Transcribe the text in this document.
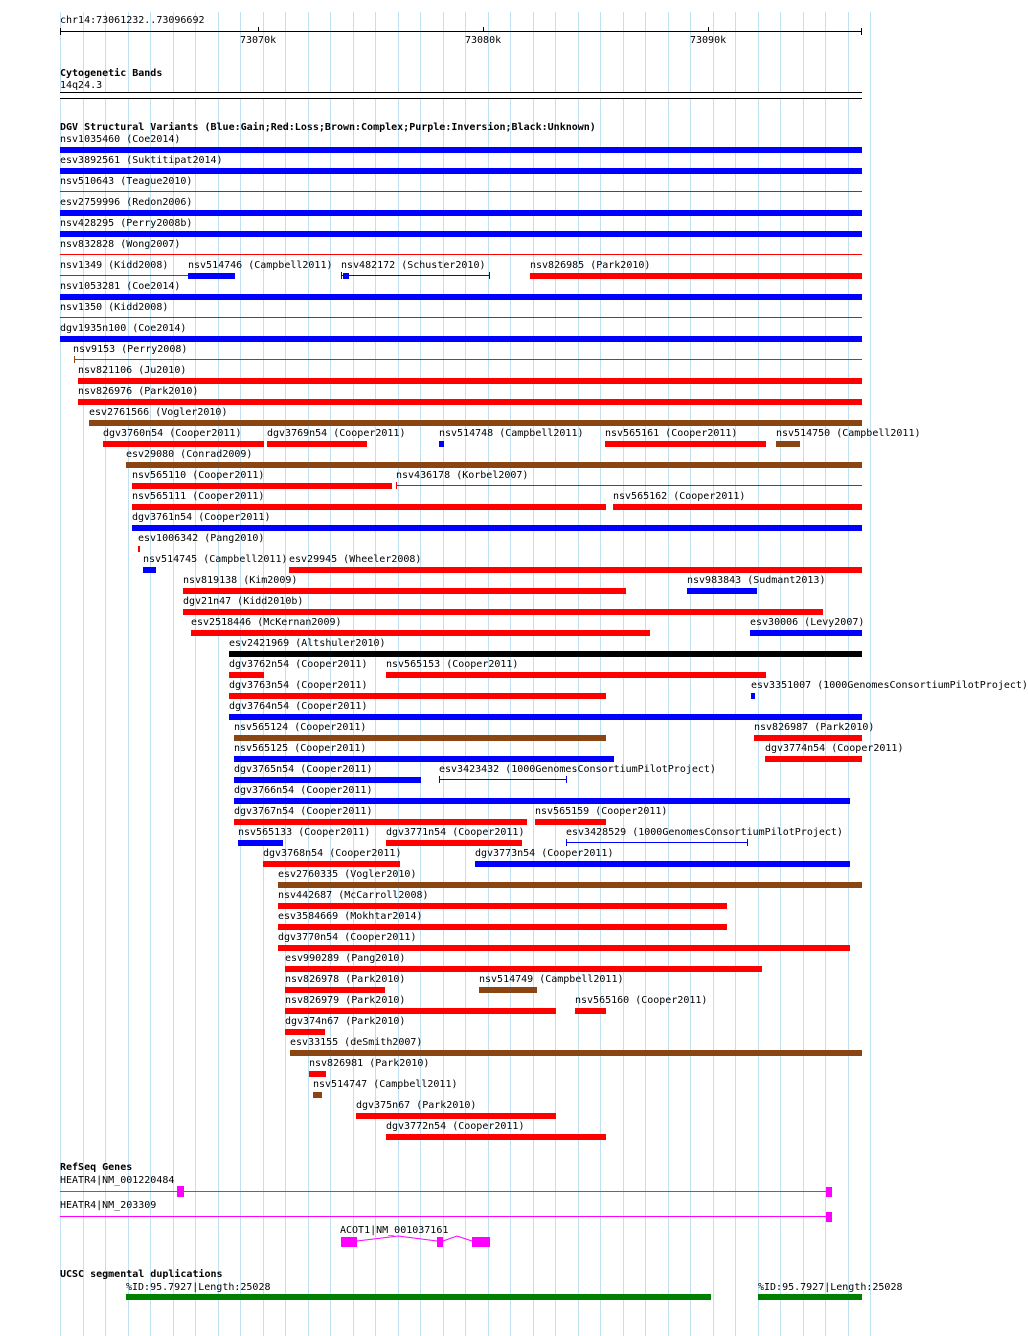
chr14:73061232..73096692
73070k	73080k	73090k
Cytogenetic Bands
14q24.3
DGV Structural Variants (Blue:Gain;Red:Loss;Brown:Complex;Purple:Inversion;Black:Unknown)
nsv1035460 (Coe2014)
esv3892561 (Suktitipat2014)
nsv510643 (Teague2010)
esv2759996 (Redon2006)
nsv428295 (Perry2008b)
nsv832828 (Wong2007)
nsv1349 (Kidd2008) nsv514746 (Campbell2011) nsv482172 (Schuster2010)	nsv826985 (Park2010)
nsv1053281 (Coe2014)
nsv1350 (Kidd2008)
dgv1935n100 (Coe2014)
nsv9153 (Perry2008)
nsv821106 (Ju2010)
nsv826976 (Park2010)
esv2761566 (Vogler2010)
dgv3760n54 (Cooper2011)	dgv3769n54 (Cooper2011)	nsv514748 (Campbell2011) nsv565161 (Cooper2011)	nsv514750 (Campbell2011)
esv29080 (Conrad2009)
nsv565110 (Cooper2011)	nsv436178 (Korbel2007)
nsv565111 (Cooper2011)	nsv565162 (Cooper2011)
dgv3761n54 (Cooper2011)
esv1006342 (Pang2010)
nsv514745 (Campbell2011) esv29945 (Wheeler2008)
nsv819138 (Kim2009)	nsv983843 (Sudmant2013)
dgv21n47 (Kidd2010b)
esv2518446 (McKernan2009)	esv30006 (Levy2007)
esv2421969 (Altshuler2010)
dgv3762n54 (Cooper2011) nsv565153 (Cooper2011)
dgv3763n54 (Cooper2011)	esv3351007 (1000GenomesConsortiumPilotProject)
dgv3764n54 (Cooper2011)
nsv565124 (Cooper2011)	nsv826987 (Park2010)
nsv565125 (Cooper2011)	dgv3774n54 (Cooper2011)
dgv3765n54 (Cooper2011)	esv3423432 (1000GenomesConsortiumPilotProject)
dgv3766n54 (Cooper2011)
dgv3767n54 (Cooper2011)	nsv565159 (Cooper2011)
nsv565133 (Cooper2011) dgv3771n54 (Cooper2011)	esv3428529 (1000GenomesConsortiumPilotProject)
dgv3768n54 (Cooper2011)	dgv3773n54 (Cooper2011)
esv2760335 (Vogler2010)
nsv442687 (McCarroll2008)
esv3584669 (Mokhtar2014)
dgv3770n54 (Cooper2011)
esv990289 (Pang2010)
nsv826978 (Park2010)	nsv514749 (Campbell2011)
nsv826979 (Park2010)	nsv565160 (Cooper2011)
dgv374n67 (Park2010)
esv33155 (deSmith2007)
nsv826981 (Park2010)
nsv514747 (Campbell2011)
dgv375n67 (Park2010)
dgv3772n54 (Cooper2011)
RefSeq Genes
HEATR4|NM_001220484
HEATR4|NM_203309
ACOT1|NM_001037161
UCSC segmental duplications
%ID:95.7927|Length:25028	%ID:95.7927|Length:25028
